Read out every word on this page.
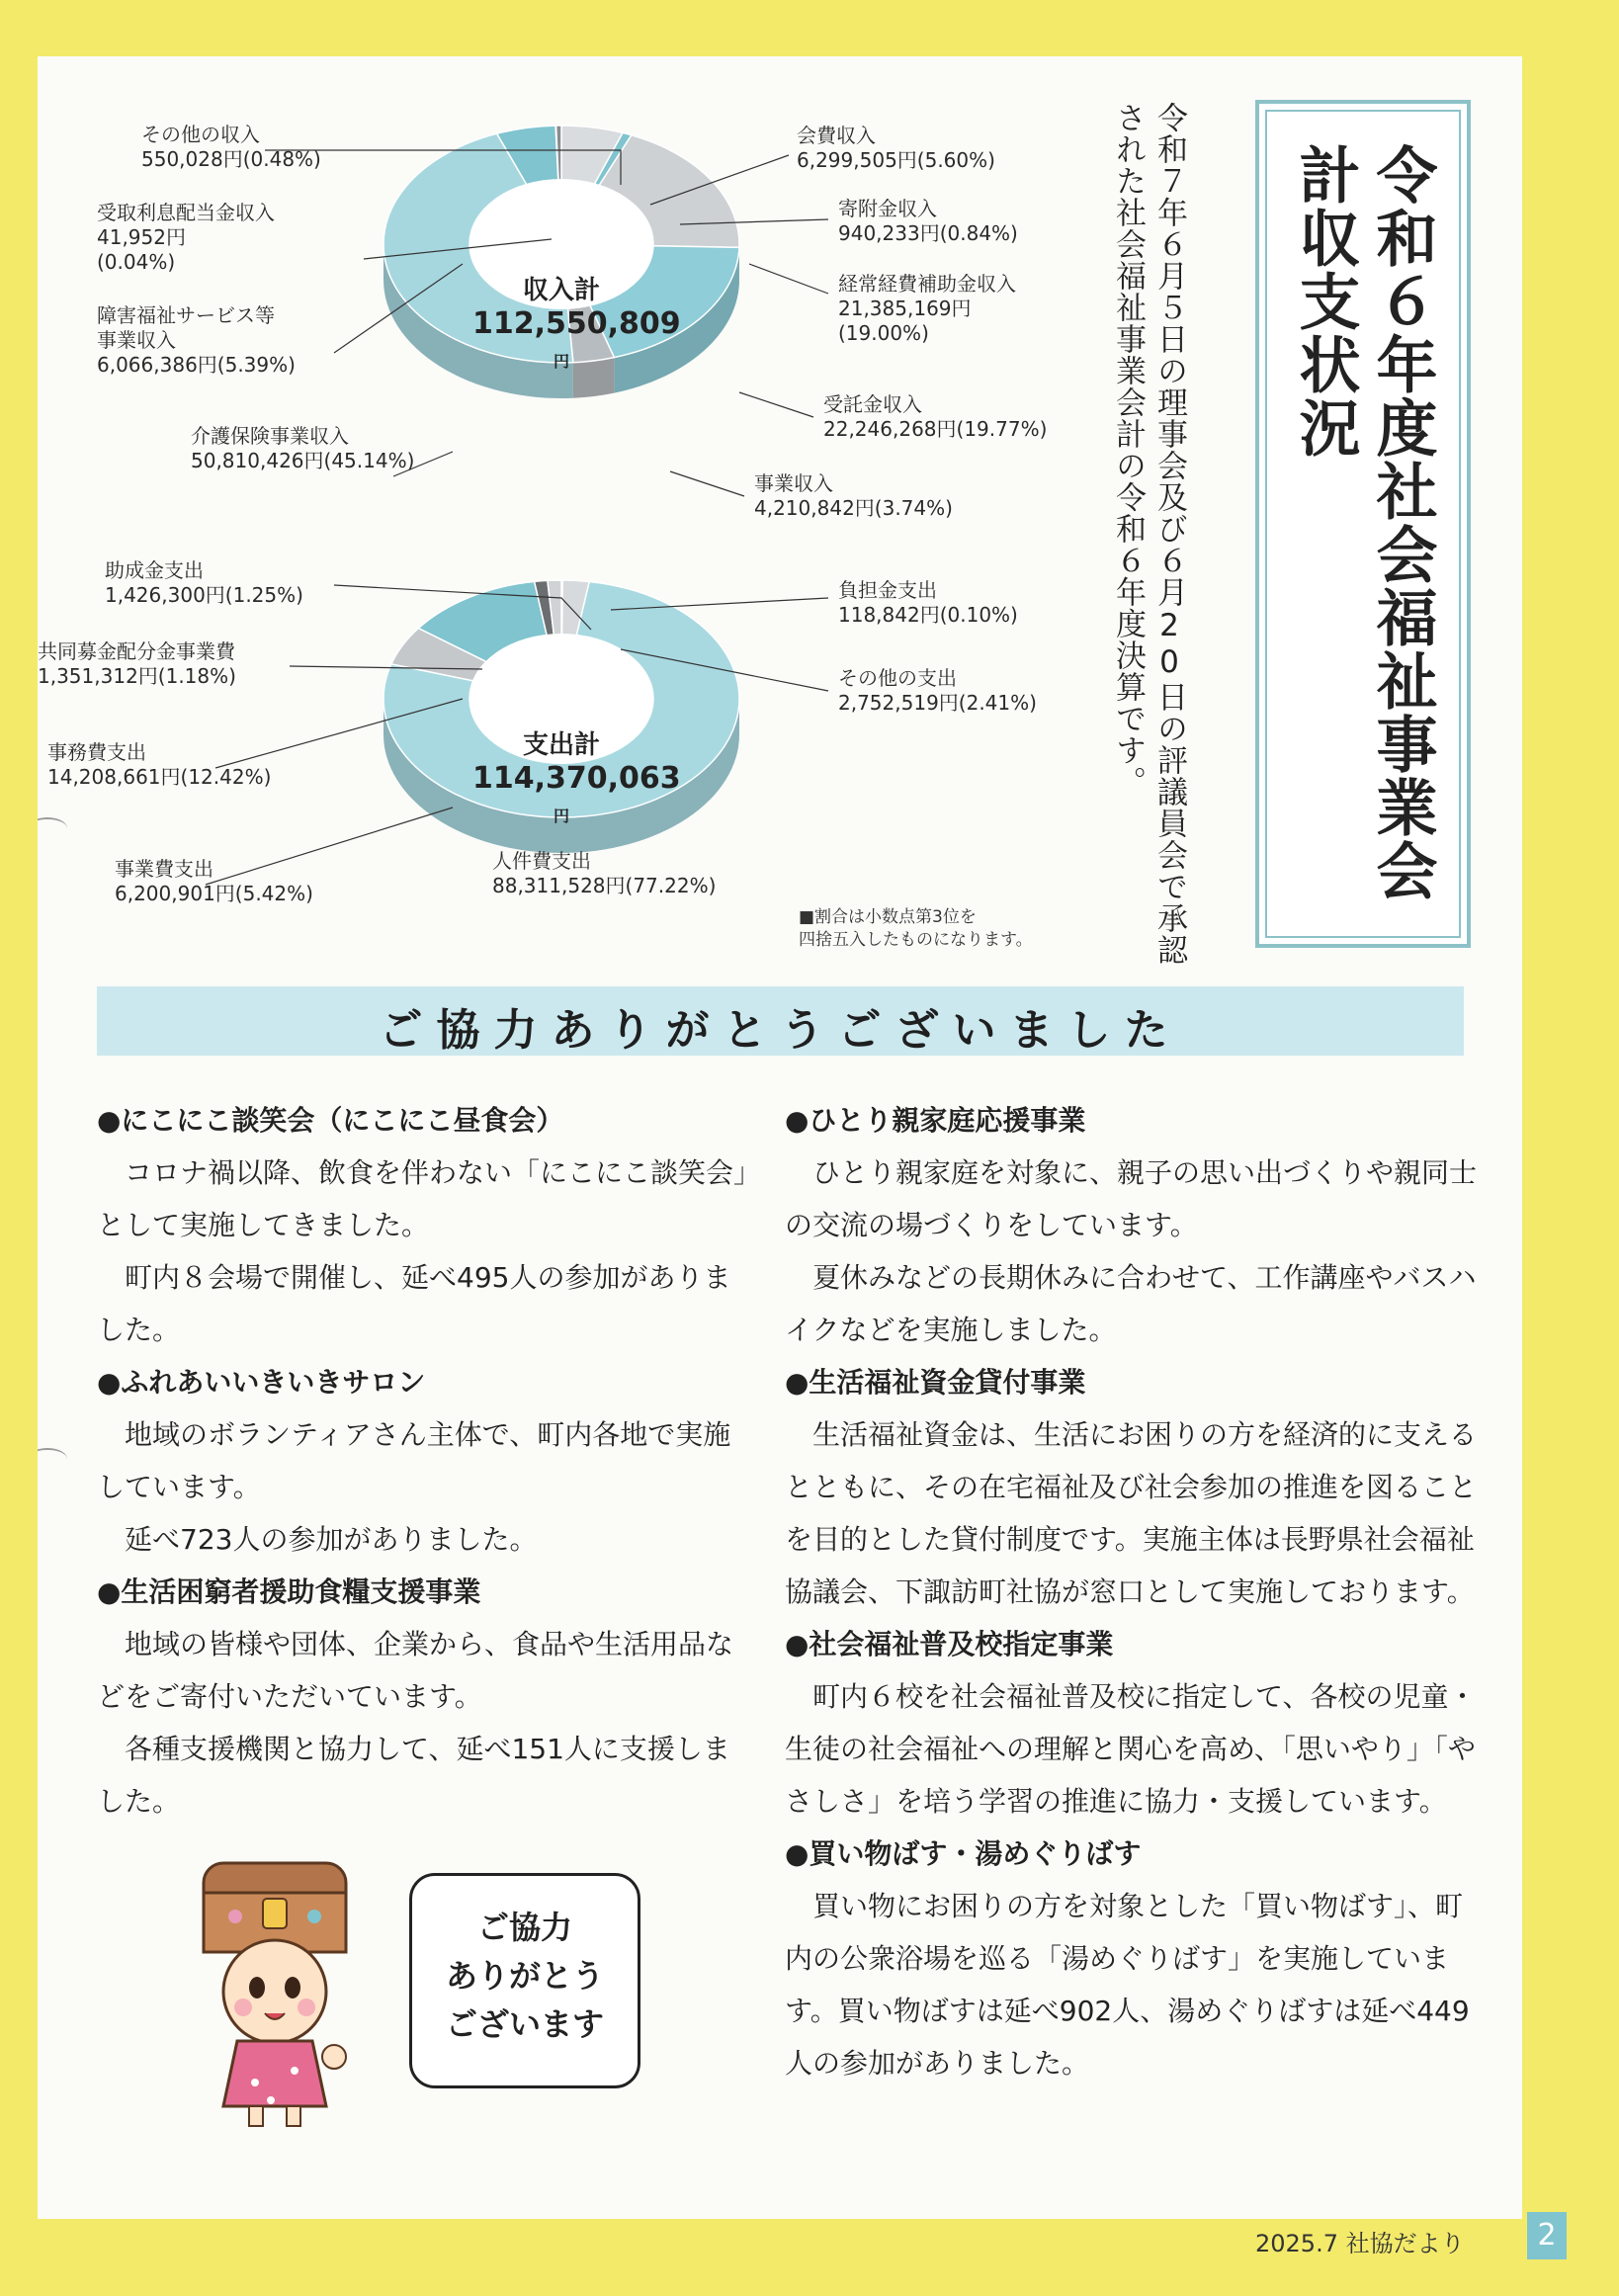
その他の収入
550,028円(0.48%)
受取利息配当金収入
41,952円
(0.04%)
障害福祉サービス等
事業収入
6,066,386円(5.39%)
介護保険事業収入
50,810,426円(45.14%)
会費収入
6,299,505円(5.60%)
寄附金収入
940,233円(0.84%)
経常経費補助金収入
21,385,169円
(19.00%)
受託金収入
22,246,268円(19.77%)
事業収入
4,210,842円(3.74%)
収入計
112,550,809円
助成金支出
1,426,300円(1.25%)
共同募金配分金事業費
1,351,312円(1.18%)
事務費支出
14,208,661円(12.42%)
事業費支出
6,200,901円(5.42%)
負担金支出
118,842円(0.10%)
その他の支出
2,752,519円(2.41%)
人件費支出
88,311,528円(77.22%)
支出計
114,370,063円
■割合は小数点第3位を
四捨五入したものになります。	令和７年６月５日の理事会及び６月20日の評議員会で承認された社会福祉事業会計の令和６年度決算です。	令和６年度社会福祉事業会計収支状況
ご協力ありがとうございました
●にこにこ談笑会（にこにこ昼食会）
コロナ禍以降、飲食を伴わない「にこにこ談笑会」として実施してきました。
町内８会場で開催し、延べ495人の参加がありました。
●ふれあいいきいきサロン
地域のボランティアさん主体で、町内各地で実施しています。
延べ723人の参加がありました。
●生活困窮者援助食糧支援事業
地域の皆様や団体、企業から、食品や生活用品などをご寄付いただいています。
各種支援機関と協力して、延べ151人に支援しました。
●ひとり親家庭応援事業
ひとり親家庭を対象に、親子の思い出づくりや親同士の交流の場づくりをしています。
夏休みなどの長期休みに合わせて、工作講座やバスハイクなどを実施しました。
●生活福祉資金貸付事業
生活福祉資金は、生活にお困りの方を経済的に支えるとともに、その在宅福祉及び社会参加の推進を図ることを目的とした貸付制度です。実施主体は長野県社会福祉協議会、下諏訪町社協が窓口として実施しております。
●社会福祉普及校指定事業
町内６校を社会福祉普及校に指定して、各校の児童・生徒の社会福祉への理解と関心を高め、「思いやり」「やさしさ」を培う学習の推進に協力・支援しています。
●買い物ばす・湯めぐりばす
買い物にお困りの方を対象とした「買い物ばす」、町内の公衆浴場を巡る「湯めぐりばす」を実施しています。買い物ばすは延べ902人、湯めぐりばすは延べ449人の参加がありました。
ご協力
ありがとう
ございます
2025.7 社協だより	2
